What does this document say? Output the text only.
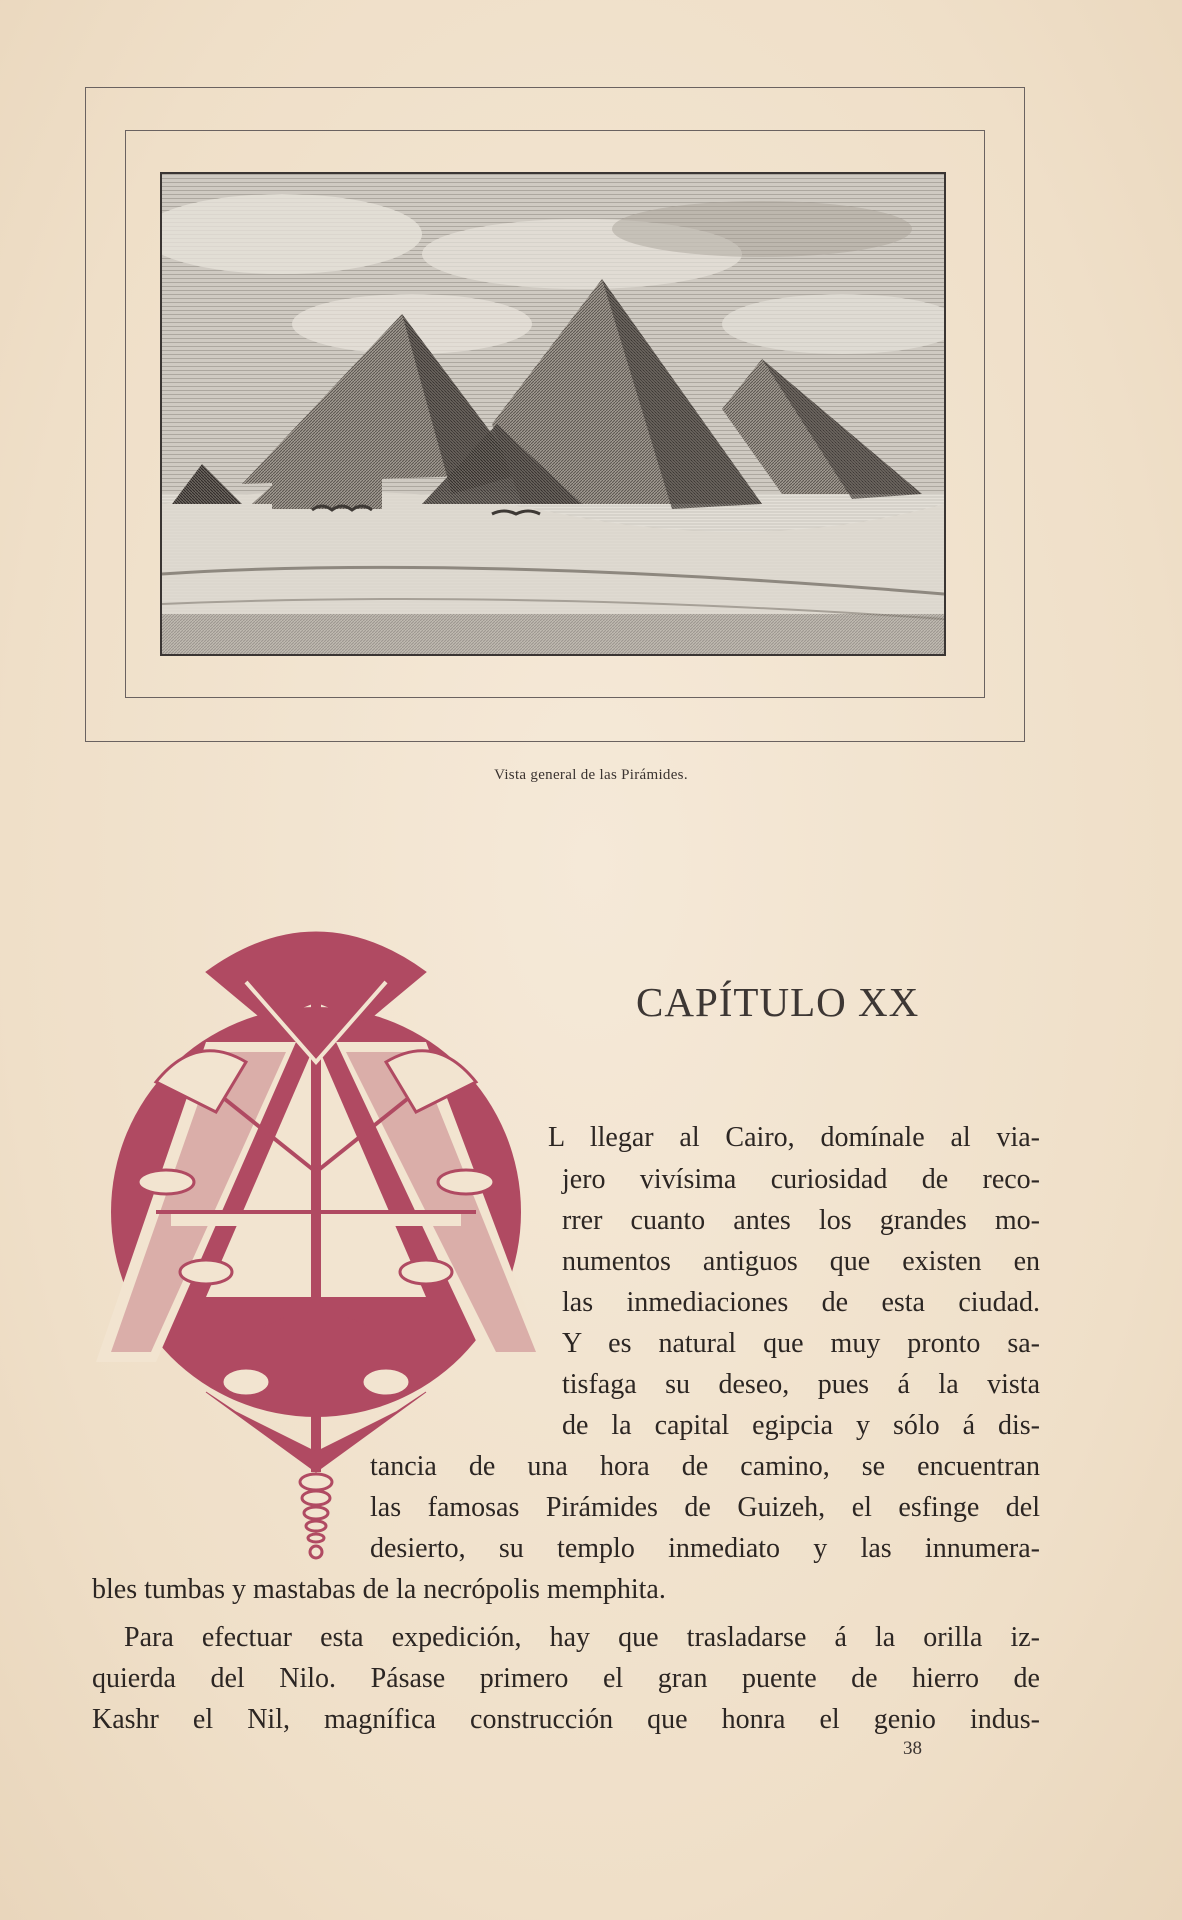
Vista general de las Pirámides.
CAPÍTULO XX
L llegar al Cairo, domínale al via-
jero vivísima curiosidad de reco-
rrer cuanto antes los grandes mo-
numentos antiguos que existen en
las inmediaciones de esta ciudad.
Y es natural que muy pronto sa-
tisfaga su deseo, pues á la vista
de la capital egipcia y sólo á dis-
tancia de una hora de camino, se encuentran
las famosas Pirámides de Guizeh, el esfinge del
desierto, su templo inmediato y las innumera-
bles tumbas y mastabas de la necrópolis memphita.
Para efectuar esta expedición, hay que trasladarse á la orilla iz-
quierda del Nilo. Pásase primero el gran puente de hierro de
Kashr el Nil, magnífica construcción que honra el genio indus-
38
